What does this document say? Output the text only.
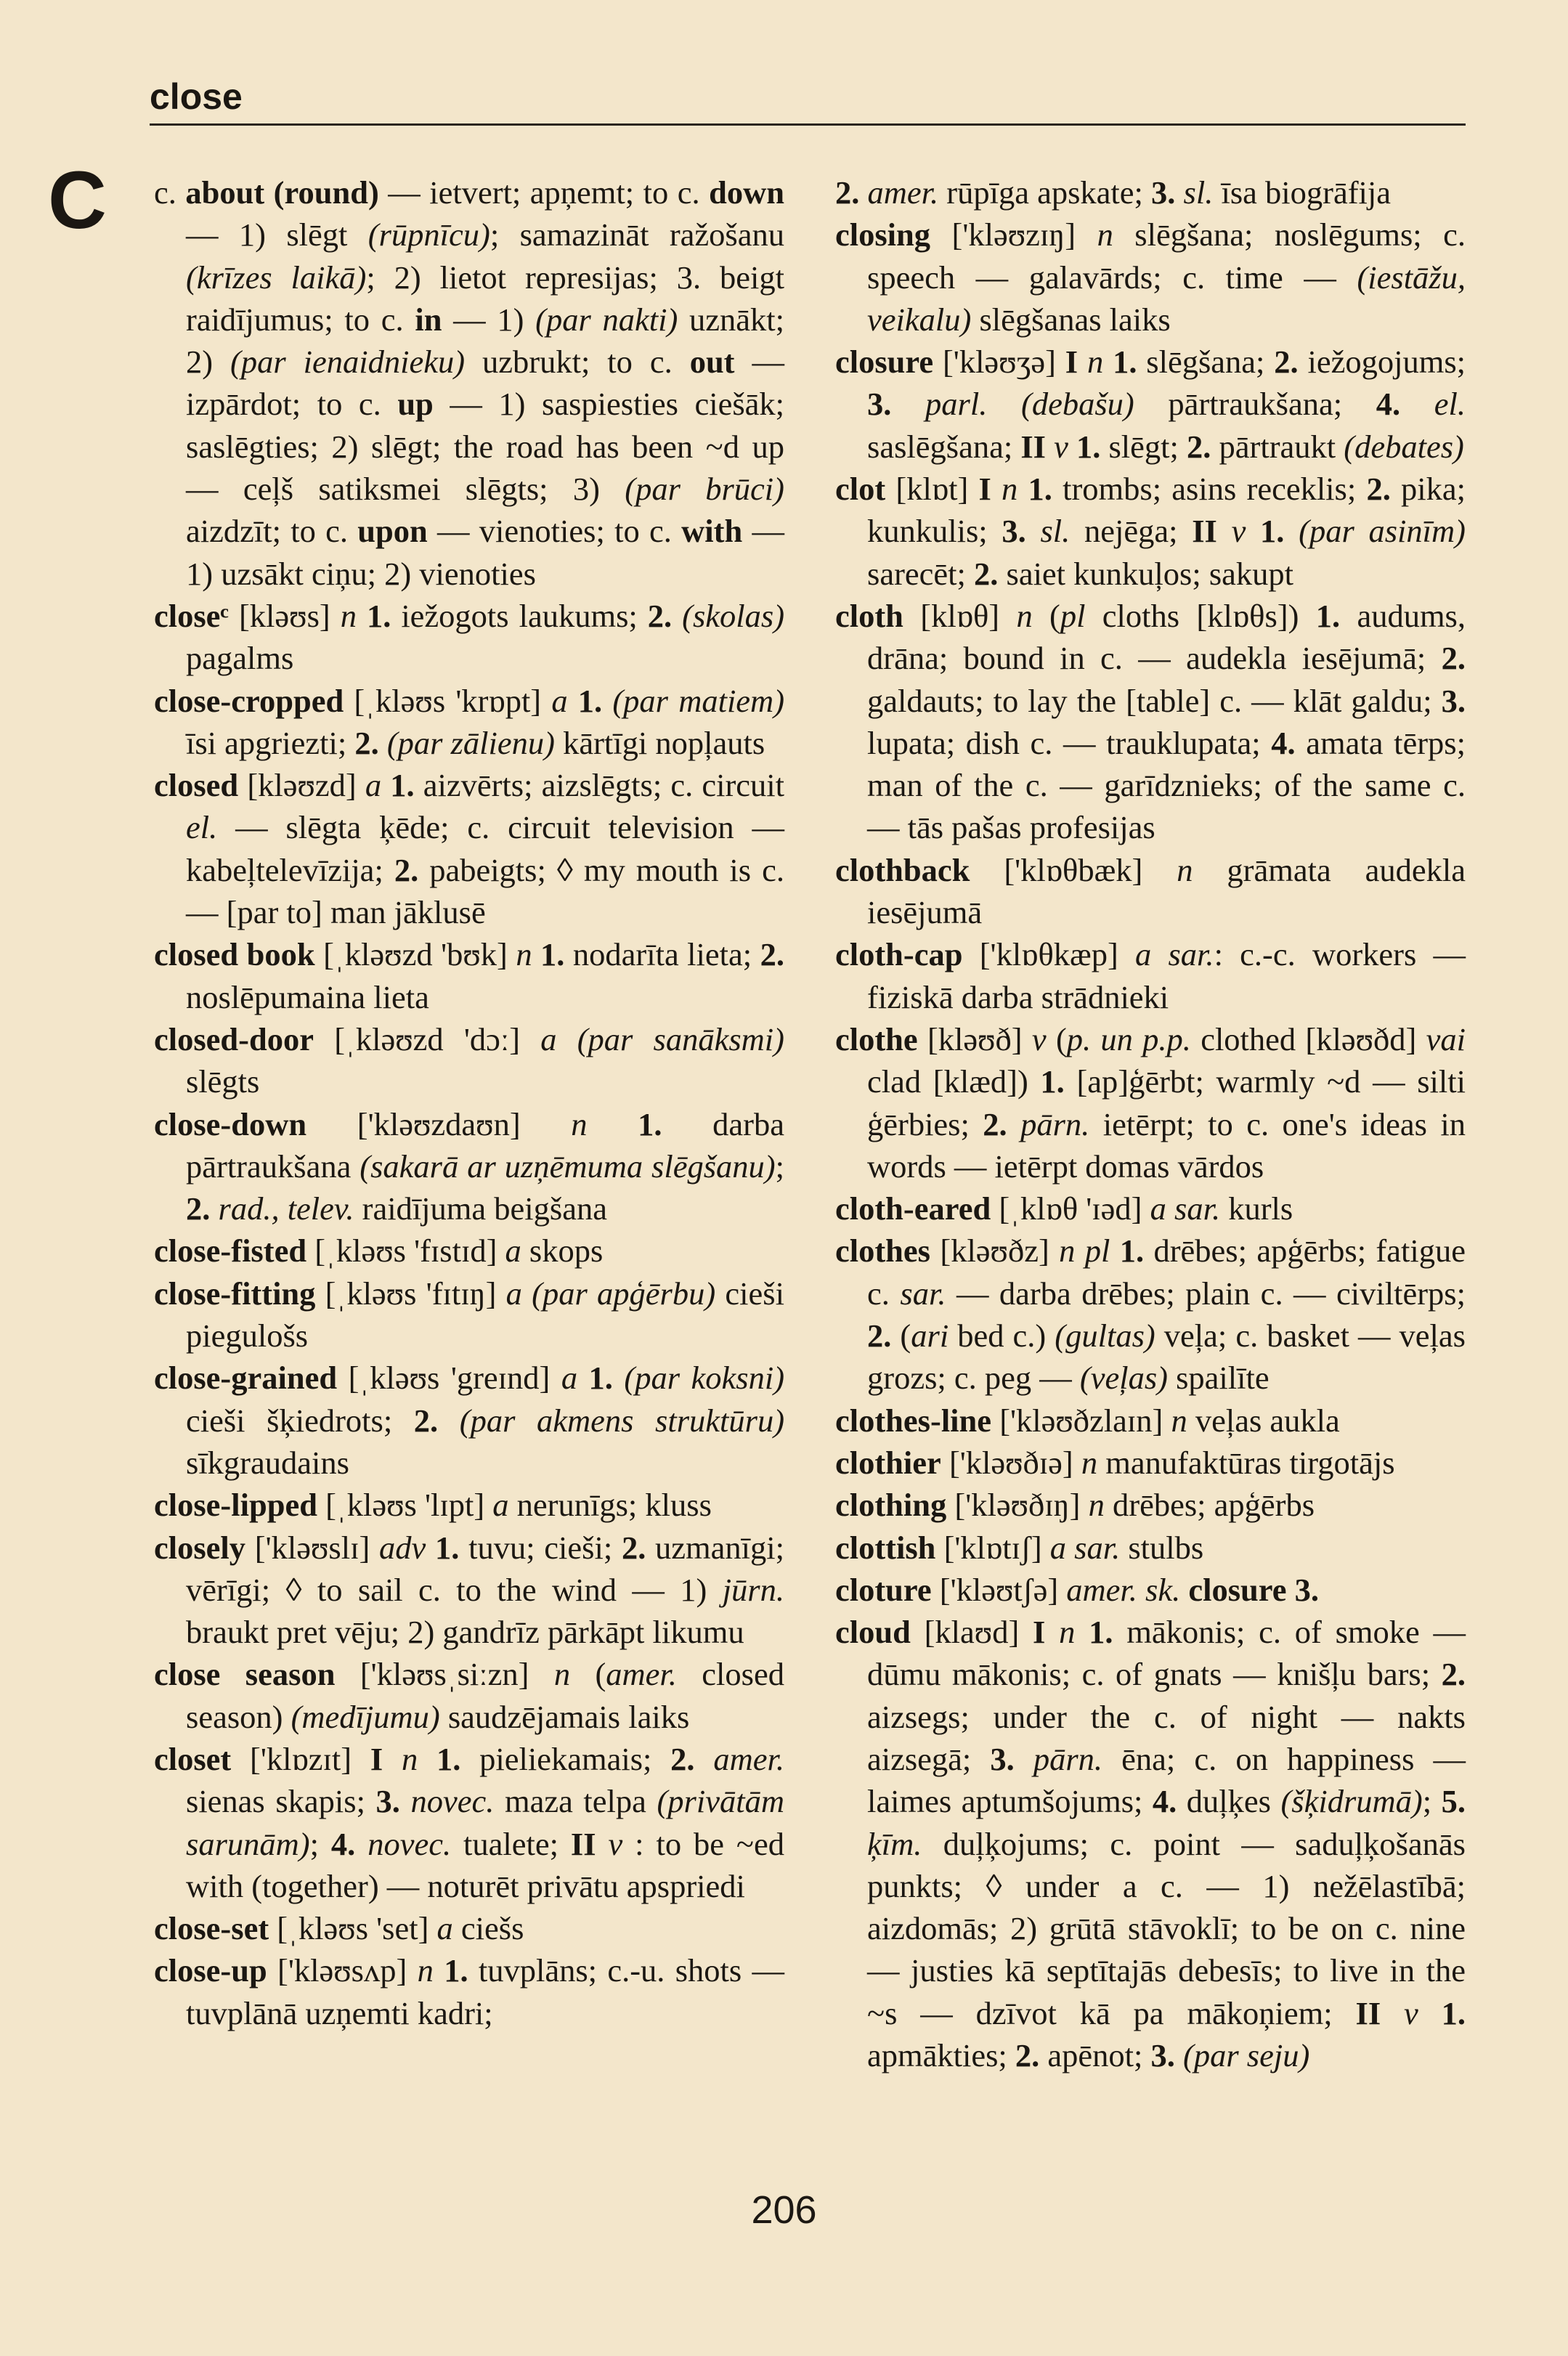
close
C c. about (round) — ietvert; apņemt; to c. down — 1) slēgt (rūpnīcu); samazināt ražošanu (krīzes laikā); 2) lietot represijas; 3. beigt raidījumus; to c. in — 1) (par nakti) uznākt; 2) (par ienaidnieku) uzbrukt; to c. out — izpārdot; to c. up — 1) saspiesties ciešāk; saslēgties; 2) slēgt; the road has been ~d up — ceļš satiksmei slēgts; 3) (par brūci) aizdzīt; to c. upon — vienoties; to c. with — 1) uzsākt ciņu; 2) vienoties
closeᶜ [kləʊs] n 1. iežogots laukums; 2. (skolas) pagalms
close-cropped [ˌkləʊs 'krɒpt] a 1. (par matiem) īsi apgriezti; 2. (par zālienu) kārtīgi nopļauts
closed [kləʊzd] a 1. aizvērts; aizslēgts; c. circuit el. — slēgta ķēde; c. circuit television — kabeļtelevīzija; 2. pabeigts; ◊ my mouth is c. — [par to] man jāklusē
closed book [ˌkləʊzd 'bʊk] n 1. nodarīta lieta; 2. noslēpumaina lieta
closed-door [ˌkləʊzd 'dɔː] a (par sanāksmi) slēgts
close-down ['kləʊzdaʊn] n 1. darba pārtraukšana (sakarā ar uzņēmuma slēgšanu); 2. rad., telev. raidījuma beigšana
close-fisted [ˌkləʊs 'fɪstɪd] a skops
close-fitting [ˌkləʊs 'fɪtɪŋ] a (par apģērbu) cieši piegulošs
close-grained [ˌkləʊs 'greɪnd] a 1. (par koksni) cieši šķiedrots; 2. (par akmens struktūru) sīkgraudains
close-lipped [ˌkləʊs 'lɪpt] a nerunīgs; kluss
closely ['kləʊslɪ] adv 1. tuvu; cieši; 2. uzmanīgi; vērīgi; ◊ to sail c. to the wind — 1) jūrn. braukt pret vēju; 2) gandrīz pārkāpt likumu
close season ['kləʊsˌsiːzn] n (amer. closed season) (medījumu) saudzējamais laiks
closet ['klɒzɪt] I n 1. pieliekamais; 2. amer. sienas skapis; 3. novec. maza telpa (privātām sarunām); 4. novec. tualete; II v : to be ~ed with (together) — noturēt privātu apspriedi
close-set [ˌkləʊs 'set] a ciešs
close-up ['kləʊsʌp] n 1. tuvplāns; c.-u. shots — tuvplānā uzņemti kadri;
2. amer. rūpīga apskate; 3. sl. īsa biogrāfija
closing ['kləʊzɪŋ] n slēgšana; noslēgums; c. speech — galavārds; c. time — (iestāžu, veikalu) slēgšanas laiks
closure ['kləʊʒə] I n 1. slēgšana; 2. iežogojums; 3. parl. (debašu) pārtraukšana; 4. el. saslēgšana; II v 1. slēgt; 2. pārtraukt (debates)
clot [klɒt] I n 1. trombs; asins receklis; 2. pika; kunkulis; 3. sl. nejēga; II v 1. (par asinīm) sarecēt; 2. saiet kunkuļos; sakupt
cloth [klɒθ] n (pl cloths [klɒθs]) 1. audums, drāna; bound in c. — audekla iesējumā; 2. galdauts; to lay the [table] c. — klāt galdu; 3. lupata; dish c. — trauklupata; 4. amata tērps; man of the c. — garīdznieks; of the same c. — tās pašas profesijas
clothback ['klɒθbæk] n grāmata audekla iesējumā
cloth-cap ['klɒθkæp] a sar.: c.-c. workers — fiziskā darba strādnieki
clothe [kləʊð] v (p. un p.p. clothed [kləʊðd] vai clad [klæd]) 1. [ap]ģērbt; warmly ~d — silti ģērbies; 2. pārn. ietērpt; to c. one's ideas in words — ietērpt domas vārdos
cloth-eared [ˌklɒθ 'ɪəd] a sar. kurls
clothes [kləʊðz] n pl 1. drēbes; apģērbs; fatigue c. sar. — darba drēbes; plain c. — civiltērps; 2. (ari bed c.) (gultas) veļa; c. basket — veļas grozs; c. peg — (veļas) spailīte
clothes-line ['kləʊðzlaɪn] n veļas aukla
clothier ['kləʊðɪə] n manufaktūras tirgotājs
clothing ['kləʊðɪŋ] n drēbes; apģērbs
clottish ['klɒtɪʃ] a sar. stulbs
cloture ['kləʊtʃə] amer. sk. closure 3.
cloud [klaʊd] I n 1. mākonis; c. of smoke — dūmu mākonis; c. of gnats — knišļu bars; 2. aizsegs; under the c. of night — nakts aizsegā; 3. pārn. ēna; c. on happiness — laimes aptumšojums; 4. duļķes (šķidrumā); 5. ķīm. duļķojums; c. point — saduļķošanās punkts; ◊ under a c. — 1) nežēlastībā; aizdomās; 2) grūtā stāvoklī; to be on c. nine — justies kā septītajās debesīs; to live in the ~s — dzīvot kā pa mākoņiem; II v 1. apmākties; 2. apēnot; 3. (par seju)
206
